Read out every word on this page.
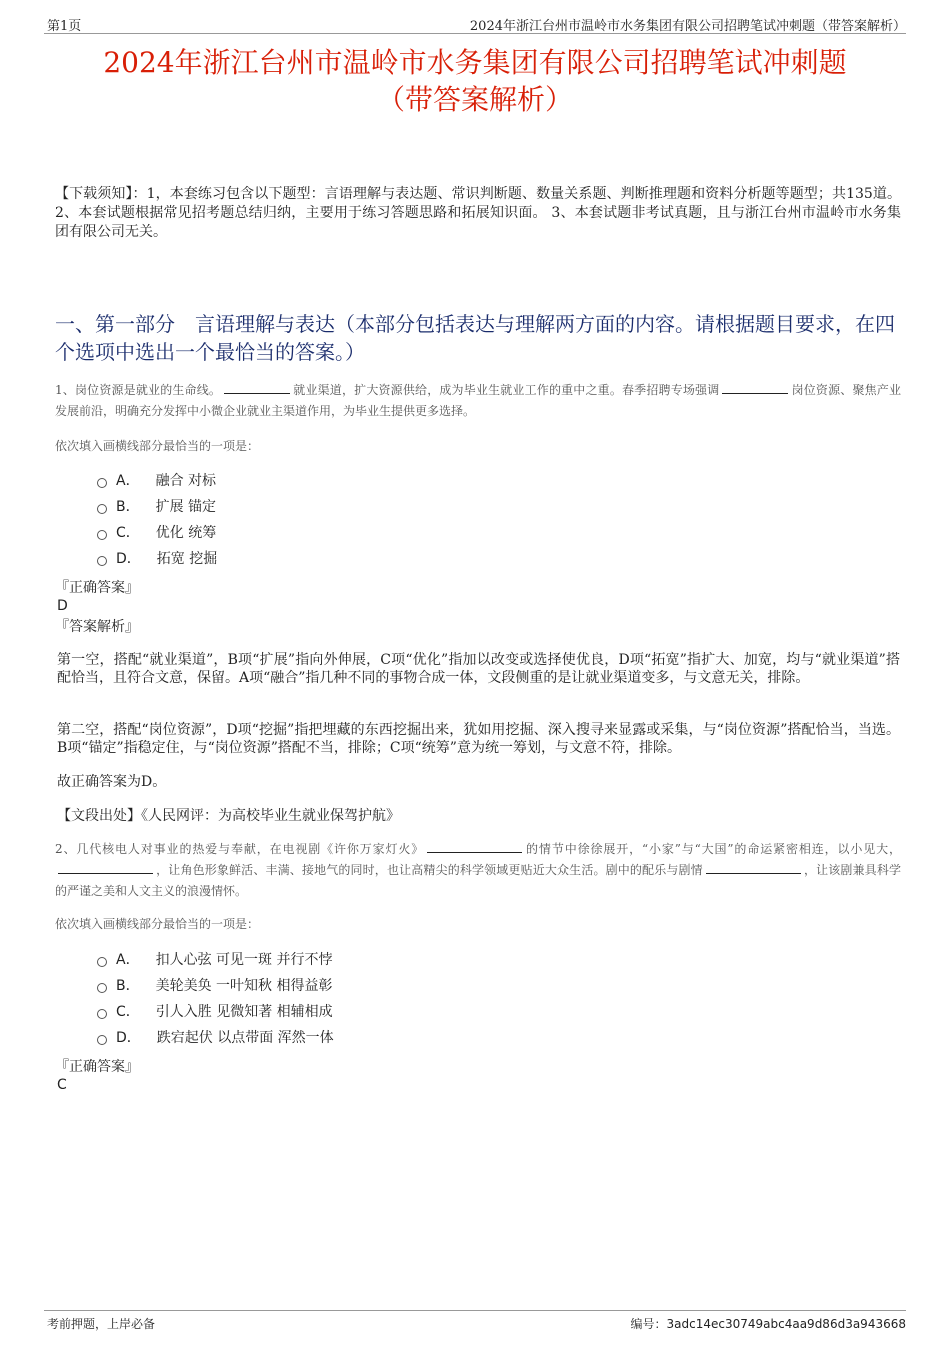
第1页	2024年浙江台州市温岭市水务集团有限公司招聘笔试冲刺题（带答案解析）
2024年浙江台州市温岭市水务集团有限公司招聘笔试冲刺题
（带答案解析）
【下载须知】：1，本套练习包含以下题型：言语理解与表达题、常识判断题、数量关系题、判断推理题和资料分析题等题型；共135道。 2、本套试题根据常见招考题总结归纳，主要用于练习答题思路和拓展知识面。 3、本套试题非考试真题，且与浙江台州市温岭市水务集团有限公司无关。
一、第一部分　言语理解与表达（本部分包括表达与理解两方面的内容。请根据题目要求，在四个选项中选出一个最恰当的答案。）
1、岗位资源是就业的生命线。	就业渠道，扩大资源供给，成为毕业生就业工作的重中之重。春季招聘专场强调	岗位资源、聚焦产业发展前沿，明确充分发挥中小微企业就业主渠道作用，为毕业生提供更多选择。
依次填入画横线部分最恰当的一项是：
A． 融合 对标
B． 扩展 锚定
C． 优化 统筹
D． 拓宽 挖掘
『正确答案』
D
『答案解析』
第一空，搭配“就业渠道”，B项“扩展”指向外伸展，C项“优化”指加以改变或选择使优良，D项“拓宽”指扩大、加宽，均与“就业渠道”搭配恰当，且符合文意，保留。A项“融合”指几种不同的事物合成一体，文段侧重的是让就业渠道变多，与文意无关，排除。
第二空，搭配“岗位资源”，D项“挖掘”指把埋藏的东西挖掘出来，犹如用挖掘、深入搜寻来显露或采集，与“岗位资源”搭配恰当，当选。B项“锚定”指稳定住，与“岗位资源”搭配不当，排除；C项“统筹”意为统一筹划，与文意不符，排除。
故正确答案为D。
【文段出处】《人民网评：为高校毕业生就业保驾护航》
2、几代核电人对事业的热爱与奉献，在电视剧《许你万家灯火》	的情节中徐徐展开，“小家”与“大国”的命运紧密相连，以小见大，，让角色形象鲜活、丰满、接地气的同时，也让高精尖的科学领域更贴近大众生活。剧中的配乐与剧情	，让该剧兼具科学的严谨之美和人文主义的浪漫情怀。
依次填入画横线部分最恰当的一项是：
A． 扣人心弦 可见一斑 并行不悖
B． 美轮美奂 一叶知秋 相得益彰
C． 引人入胜 见微知著 相辅相成
D． 跌宕起伏 以点带面 浑然一体
『正确答案』
C
考前押题，上岸必备	编号：3adc14ec30749abc4aa9d86d3a943668
